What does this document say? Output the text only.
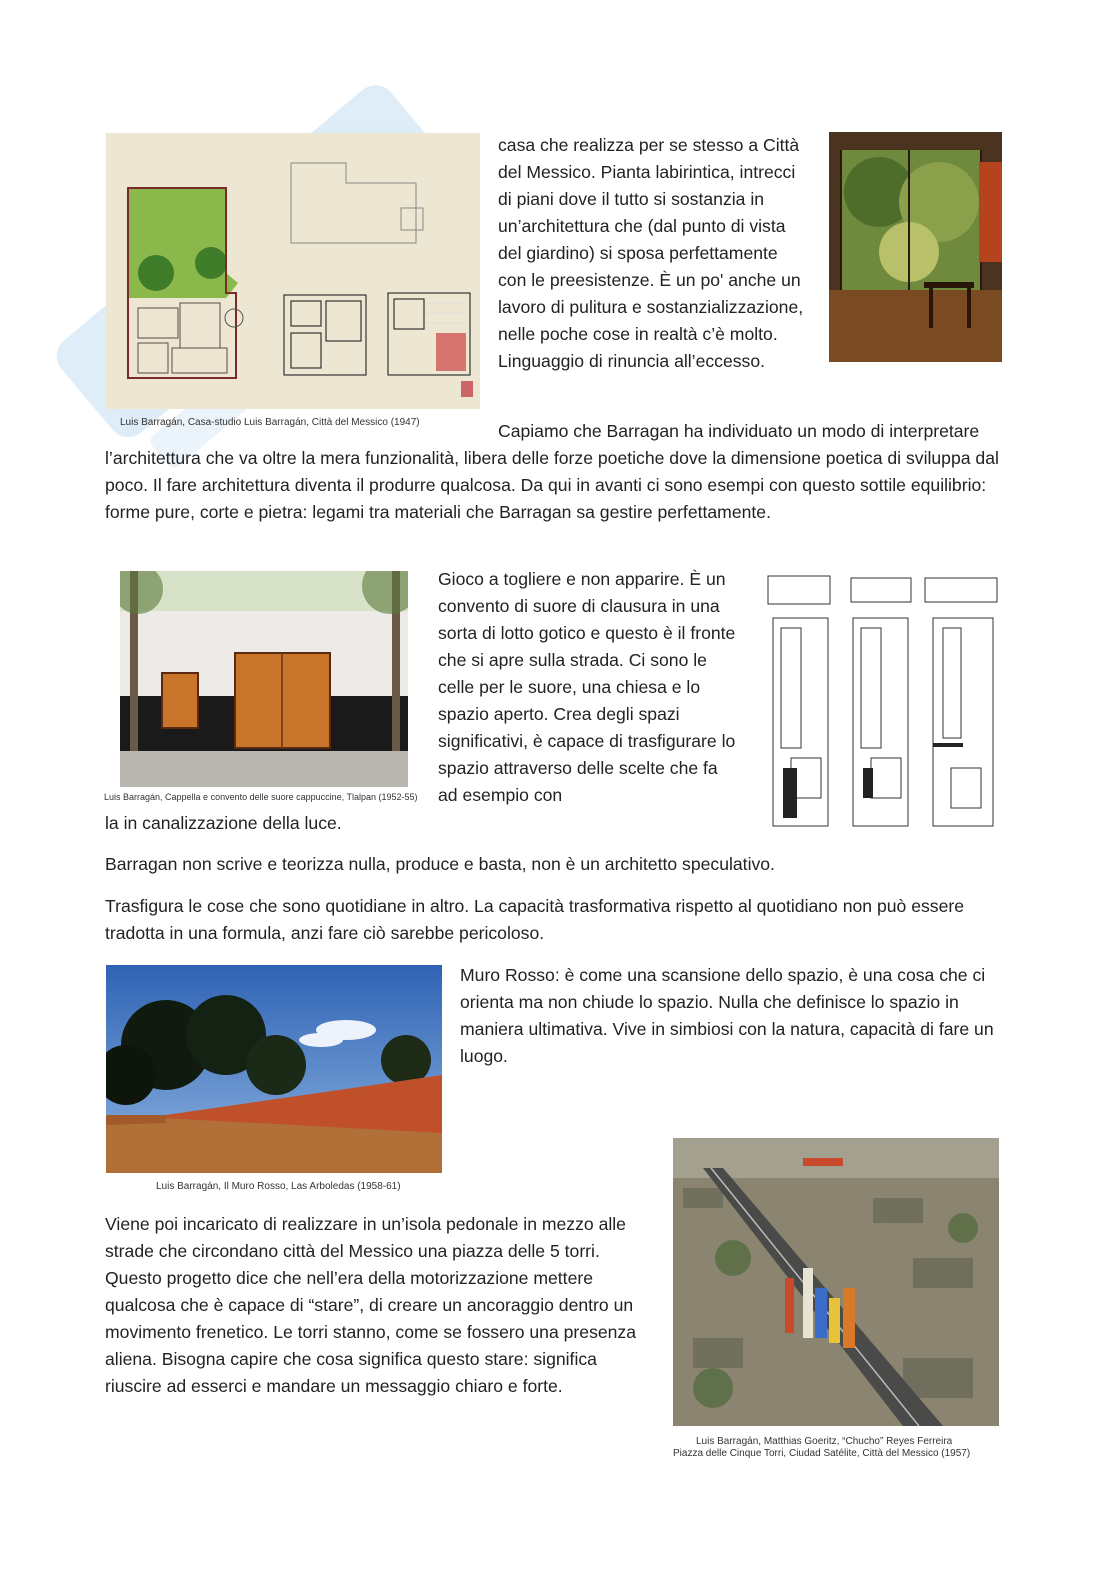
Luis Barragán, Casa-studio Luis Barragán, Città del Messico (1947)
casa che realizza per se stesso a Città del Messico. Pianta labirintica, intrecci di piani dove il tutto si sostanzia in un’architettura che (dal punto di vista del giardino) si sposa perfettamente con le preesistenze. È un po' anche un lavoro di pulitura e sostanzializzazione, nelle poche cose in realtà c’è molto. Linguaggio di rinuncia all’eccesso.
Capiamo che Barragan ha individuato un modo di interpretare l’architettura che va oltre la mera funzionalità, libera delle forze poetiche dove la dimensione poetica di sviluppa dal poco. Il fare architettura diventa il produrre qualcosa. Da qui in avanti ci sono esempi con questo sottile equilibrio: forme pure, corte e pietra: legami tra materiali che Barragan sa gestire perfettamente.
Luis Barragán, Cappella e convento delle suore cappuccine, Tlalpan (1952-55)
Gioco a togliere e non apparire. È un convento di suore di clausura in una sorta di lotto gotico e questo è il fronte che si apre sulla strada. Ci sono le celle per le suore, una chiesa e lo spazio aperto. Crea degli spazi significativi, è capace di trasfigurare lo spazio attraverso delle scelte che fa ad esempio con
la in canalizzazione della luce.
Barragan non scrive e teorizza nulla, produce e basta, non è un architetto speculativo.
Trasfigura le cose che sono quotidiane in altro. La capacità trasformativa rispetto al quotidiano non può essere tradotta in una formula, anzi fare ciò sarebbe pericoloso.
Luis Barragán, Il Muro Rosso, Las Arboledas (1958-61)
Muro Rosso: è come una scansione dello spazio, è una cosa che ci orienta ma non chiude lo spazio. Nulla che definisce lo spazio in maniera ultimativa. Vive in simbiosi con la natura, capacità di fare un luogo.
Viene poi incaricato di realizzare in un’isola pedonale in mezzo alle strade che circondano città del Messico una piazza delle 5 torri. Questo progetto dice che nell’era della motorizzazione mettere qualcosa che è capace di “stare”, di creare un ancoraggio dentro un movimento frenetico. Le torri stanno, come se fossero una presenza aliena. Bisogna capire che cosa significa questo stare: significa riuscire ad esserci e mandare un messaggio chiaro e forte.
Luis Barragán, Matthias Goeritz, “Chucho” Reyes Ferreira
Piazza delle Cinque Torri, Ciudad Satélite, Città del Messico (1957)
